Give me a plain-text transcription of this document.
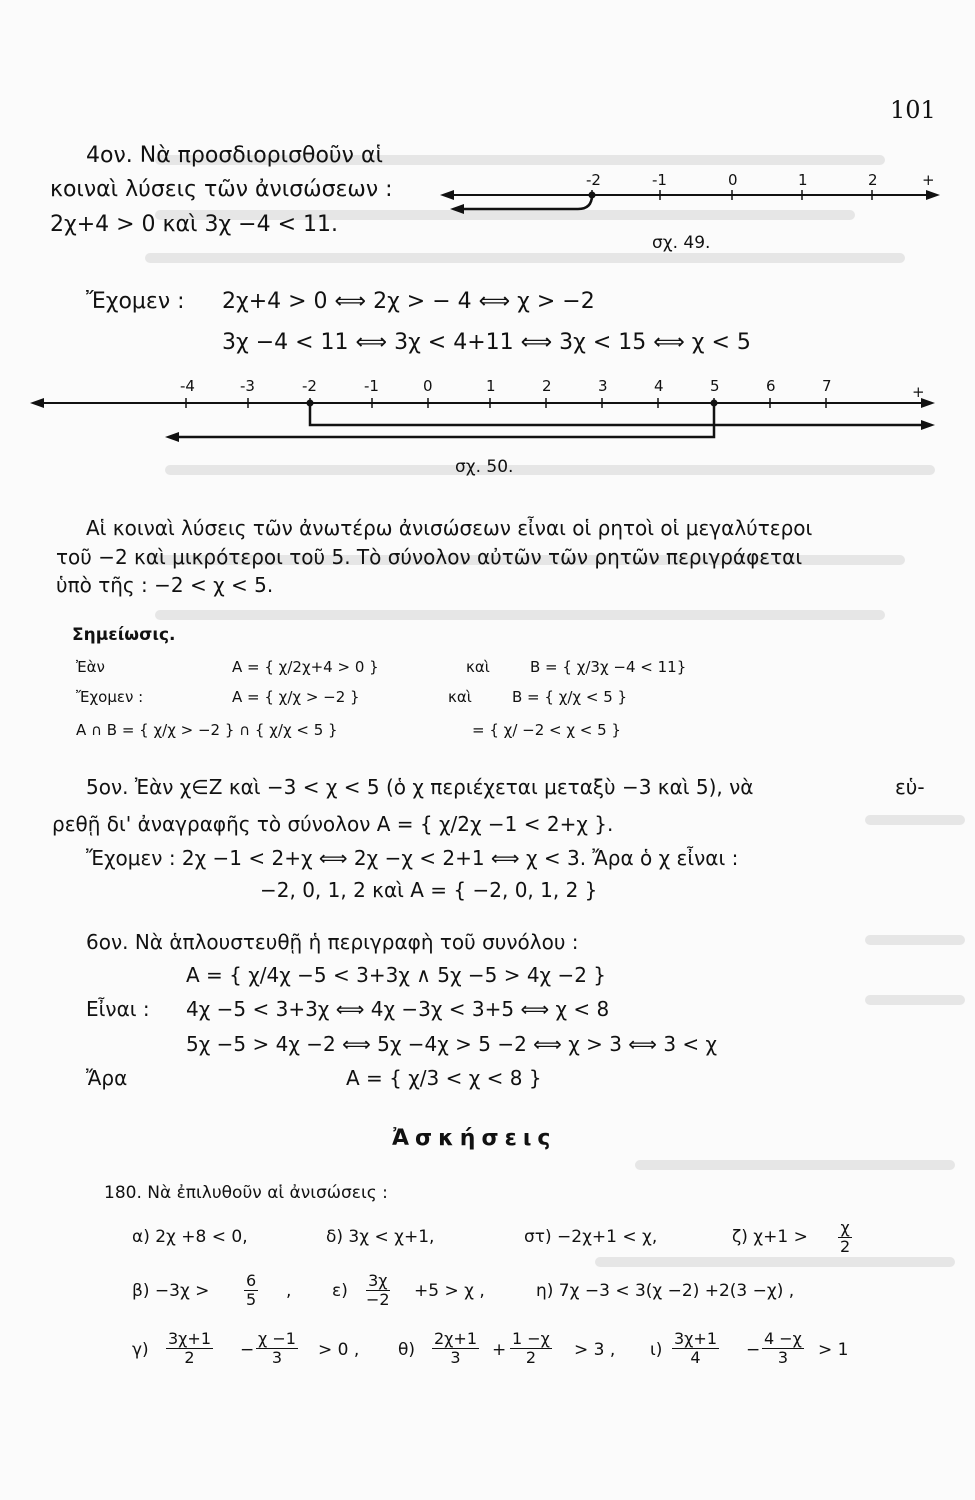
101
4ον. Νὰ προσδιορισθοῦν αἱ
κοιναὶ λύσεις τῶν ἀνισώσεων :
2χ+4 > 0 καὶ 3χ −4 < 11.
-2	-1	0	1	2	+
σχ. 49.
Ἔχομεν : 2χ+4 > 0 ⟺ 2χ > − 4 ⟺ χ > −2
3χ −4 < 11 ⟺ 3χ < 4+11 ⟺ 3χ < 15 ⟺ χ < 5
-4	-3	-2	-1	0	1	2	3	4	5	6	7	+
σχ. 50.
Αἱ κοιναὶ λύσεις τῶν ἀνωτέρω ἀνισώσεων εἶναι οἱ ρητοὶ οἱ μεγαλύτεροι
τοῦ −2 καὶ μικρότεροι τοῦ 5. Τὸ σύνολον αὐτῶν τῶν ρητῶν περιγράφεται
ὑπὸ τῆς : −2 < χ < 5.
Σημείωσις.
Ἐὰν	A = { χ/2χ+4 > 0 }	καὶ	B = { χ/3χ −4 < 11}
Ἔχομεν :	A = { χ/χ > −2 }	καὶ	B = { χ/χ < 5 }
A ∩ B = { χ/χ > −2 } ∩ { χ/χ < 5 }	= { χ/ −2 < χ < 5 }
5ον. Ἐὰν χ∈Z καὶ −3 < χ < 5 (ὁ χ περιέχεται μεταξὺ −3 καὶ 5), νὰ	εὑ-
ρεθῇ δι' ἀναγραφῆς τὸ σύνολον A = { χ/2χ −1 < 2+χ }.
Ἔχομεν : 2χ −1 < 2+χ ⟺ 2χ −χ < 2+1 ⟺ χ < 3. Ἄρα ὁ χ εἶναι :
−2, 0, 1, 2 καὶ A = { −2, 0, 1, 2 }
6ον. Νὰ ἁπλουστευθῇ ἡ περιγραφὴ τοῦ συνόλου :
A = { χ/4χ −5 < 3+3χ ∧ 5χ −5 > 4χ −2 }
Εἶναι : 4χ −5 < 3+3χ ⟺ 4χ −3χ < 3+5 ⟺ χ < 8
5χ −5 > 4χ −2 ⟺ 5χ −4χ > 5 −2 ⟺ χ > 3 ⟺ 3 < χ
Ἄρα	A = { χ/3 < χ < 8 }
Ἀσκήσεις
180. Νὰ ἐπιλυθοῦν αἱ ἀνισώσεις :
α) 2χ +8 < 0,	δ) 3χ < χ+1,	στ) −2χ+1 < χ,	ζ) $\chi+1 > \frac{\chi}{2}$
$\beta) -3\chi > \frac{6}{5}$ , $\varepsilon) \frac{3\chi}{-2} +5 > \chi$ ,	η) 7χ −3 < 3(χ −2) +2(3 −χ) ,
$\gamma) \frac{3\chi+1}{2} - \frac{\chi -1}{3} > 0$ , $\theta) \frac{2\chi+1}{3} + \frac{1 -\chi}{2} > 3$ , $\iota) \frac{3\chi+1}{4} - \frac{4 -\chi}{3} > 1$
